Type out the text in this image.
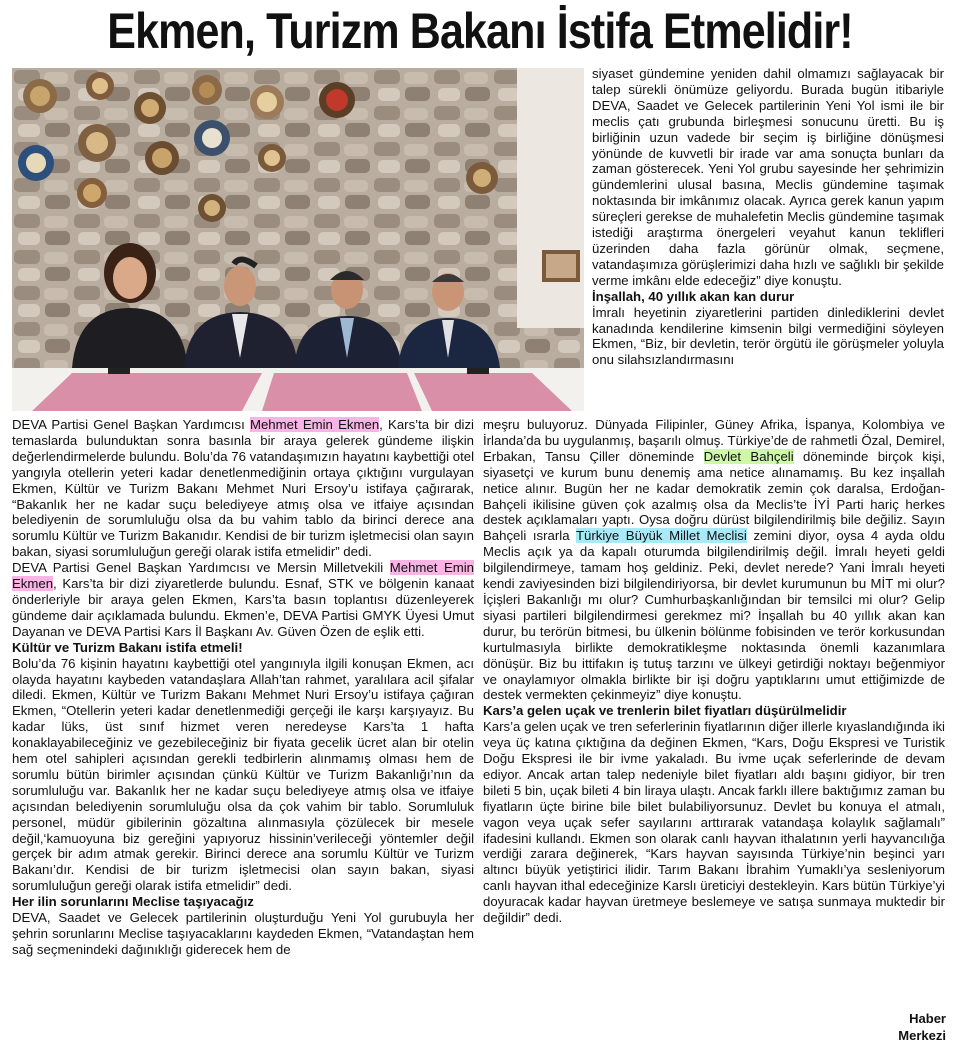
Ekmen, Turizm Bakanı İstifa Etmelidir!

siyaset gündemine yeniden dahil olmamızı sağlayacak bir talep sürekli önümüze geliyordu. Burada bugün itibariyle DEVA, Saadet ve Gelecek partilerinin Yeni Yol ismi ile bir meclis çatı grubunda birleşmesi sonucunu üretti. Bu iş birliğinin uzun vadede bir seçim iş birliğine dönüşmesi yönünde de kuvvetli bir irade var ama sonuçta bunları da zaman gösterecek. Yeni Yol grubu sayesinde her şehrimizin gündemlerini ulusal basına, Meclis gündemine taşımak noktasında bir imkânımız olacak. Ayrıca gerek kanun yapım süreçleri gerekse de muhalefetin Meclis gündemine taşımak istediği araştırma önergeleri veyahut kanun teklifleri üzerinden daha fazla görünür olmak, seçmene, vatandaşımıza görüşlerimizi daha hızlı ve sağlıklı bir şekilde verme imkânı elde edeceğiz” diye konuştu.

İnşallah, 40 yıllık akan kan durur

İmralı heyetinin ziyaretlerini partiden dinlediklerini devlet kanadında kendilerine kimsenin bilgi vermediğini söyleyen Ekmen, “Biz, bir devletin, terör örgütü ile görüşmeler yoluyla onu silahsızlandırmasını

DEVA Partisi Genel Başkan Yardımcısı Mehmet Emin Ekmen, Kars’ta bir dizi temaslarda bulunduktan sonra basınla bir araya gelerek gündeme ilişkin değerlendirmelerde bulundu. Bolu’da 76 vatandaşımızın hayatını kaybettiği otel yangıyla otellerin yeteri kadar denetlenmediğinin ortaya çıktığını vurgulayan Ekmen, Kültür ve Turizm Bakanı Mehmet Nuri Ersoy’u istifaya çağırarak, “Bakanlık her ne kadar suçu belediyeye atmış olsa ve itfaiye açısından belediyenin de sorumluluğu olsa da bu vahim tablo da birinci derece ana sorumlu Kültür ve Turizm Bakanıdır. Kendisi de bir turizm işletmecisi olan sayın bakan, siyasi sorumluluğun gereği olarak istifa etmelidir” dedi.

DEVA Partisi Genel Başkan Yardımcısı ve Mersin Milletvekili Mehmet Emin Ekmen, Kars’ta bir dizi ziyaretlerde bulundu. Esnaf, STK ve bölgenin kanaat önderleriyle bir araya gelen Ekmen, Kars’ta basın toplantısı düzenleyerek gündeme dair açıklamada bulundu. Ekmen’e, DEVA Partisi GMYK Üyesi Umut Dayanan ve DEVA Partisi Kars İl Başkanı Av. Güven Özen de eşlik etti.

Kültür ve Turizm Bakanı istifa etmeli!

Bolu’da 76 kişinin hayatını kaybettiği otel yangınıyla ilgili konuşan Ekmen, acı olayda hayatını kaybeden vatandaşlara Allah’tan rahmet, yaralılara acil şifalar diledi. Ekmen, Kültür ve Turizm Bakanı Mehmet Nuri Ersoy’u istifaya çağıran Ekmen, “Otellerin yeteri kadar denetlenmediği gerçeği ile karşı karşıyayız. Bu kadar lüks, üst sınıf hizmet veren neredeyse Kars’ta 1 hafta konaklayabileceğiniz ve gezebileceğiniz bir fiyata gecelik ücret alan bir otelin hem otel sahipleri açısından gerekli tedbirlerin alınmamış olması hem de sorumlu bütün birimler açısından çünkü Kültür ve Turizm Bakanlığı’nın da sorumluluğu var. Bakanlık her ne kadar suçu belediyeye atmış olsa ve itfaiye açısından belediyenin sorumluluğu olsa da çok vahim bir tablo. Sorumluluk personel, müdür gibilerinin gözaltına alınmasıyla çözülecek bir mesele değil,‘kamuoyuna biz gereğini yapıyoruz hissinin’verileceği yöntemler değil gerçek bir adım atmak gerekir. Birinci derece ana sorumlu Kültür ve Turizm Bakanı’dır. Kendisi de bir turizm işletmecisi olan sayın bakan, siyasi sorumluluğun gereği olarak istifa etmelidir” dedi.

Her ilin sorunlarını Meclise taşıyacağız

DEVA, Saadet ve Gelecek partilerinin oluşturduğu Yeni Yol gurubuyla her şehrin sorunlarını Meclise taşıyacaklarını kaydeden Ekmen, “Vatandaştan hem sağ seçmenindeki dağınıklığı giderecek hem de

meşru buluyoruz. Dünyada Filipinler, Güney Afrika, İspanya, Kolombiya ve İrlanda’da bu uygulanmış, başarılı olmuş. Türkiye’de de rahmetli Özal, Demirel, Erbakan, Tansu Çiller döneminde Devlet Bahçeli döneminde birçok kişi, siyasetçi ve kurum bunu denemiş ama netice alınamamış. Bu kez inşallah netice alınır. Bugün her ne kadar demokratik zemin çok daralsa, Erdoğan-Bahçeli ikilisine güven çok azalmış olsa da Meclis’te İYİ Parti hariç herkes destek açıklamaları yaptı. Oysa doğru dürüst bilgilendirilmiş bile değiliz. Sayın Bahçeli ısrarla Türkiye Büyük Millet Meclisi zemini diyor, oysa 4 ayda oldu Meclis açık ya da kapalı oturumda bilgilendirilmiş değil. İmralı heyeti geldi bilgilendirmeye, tamam hoş geldiniz. Peki, devlet nerede? Yani İmralı heyeti kendi zaviyesinden bizi bilgilendiriyorsa, bir devlet kurumunun bu MİT mi olur? İçişleri Bakanlığı mı olur? Cumhurbaşkanlığından bir temsilci mi olur? Gelip siyasi partileri bilgilendirmesi gerekmez mi? İnşallah bu 40 yıllık akan kan durur, bu terörün bitmesi, bu ülkenin bölünme fobisinden ve terör korkusundan kurtulmasıyla birlikte demokratikleşme noktasında önemli kazanımlara dönüşür. Biz bu ittifakın iş tutuş tarzını ve ülkeyi getirdiği noktayı beğenmiyor ve onaylamıyor olmakla birlikte bir işi doğru yaptıklarını umut ettiğimizde de destek vermekten çekinmeyiz” diye konuştu.

Kars’a gelen uçak ve trenlerin bilet fiyatları düşürülmelidir

Kars’a gelen uçak ve tren seferlerinin fiyatlarının diğer illerle kıyaslandığında iki veya üç katına çıktığına da değinen Ekmen, “Kars, Doğu Ekspresi ve Turistik Doğu Ekspresi ile bir ivme yakaladı. Bu ivme uçak seferlerinde de devam ediyor. Ancak artan talep nedeniyle bilet fiyatları aldı başını gidiyor, bir tren bileti 5 bin, uçak bileti 4 bin liraya ulaştı. Ancak farklı illere baktığımız zaman bu fiyatların üçte birine bile bilet bulabiliyorsunuz. Devlet bu konuya el atmalı, vagon veya uçak sefer sayılarını arttırarak vatandaşa kolaylık sağlamalı” ifadesini kullandı. Ekmen son olarak canlı hayvan ithalatının yerli hayvancılığa verdiği zarara değinerek, “Kars hayvan sayısında Türkiye’nin beşinci yarı altıncı büyük yetiştirici ilidir. Tarım Bakanı İbrahim Yumaklı’ya sesleniyorum canlı hayvan ithal edeceğinize Karslı üreticiyi destekleyin. Kars bütün Türkiye’yi doyuracak kadar hayvan üretmeye beslemeye ve satışa sunmaya muktedir bir değildir” dedi.

Haber
Merkezi
